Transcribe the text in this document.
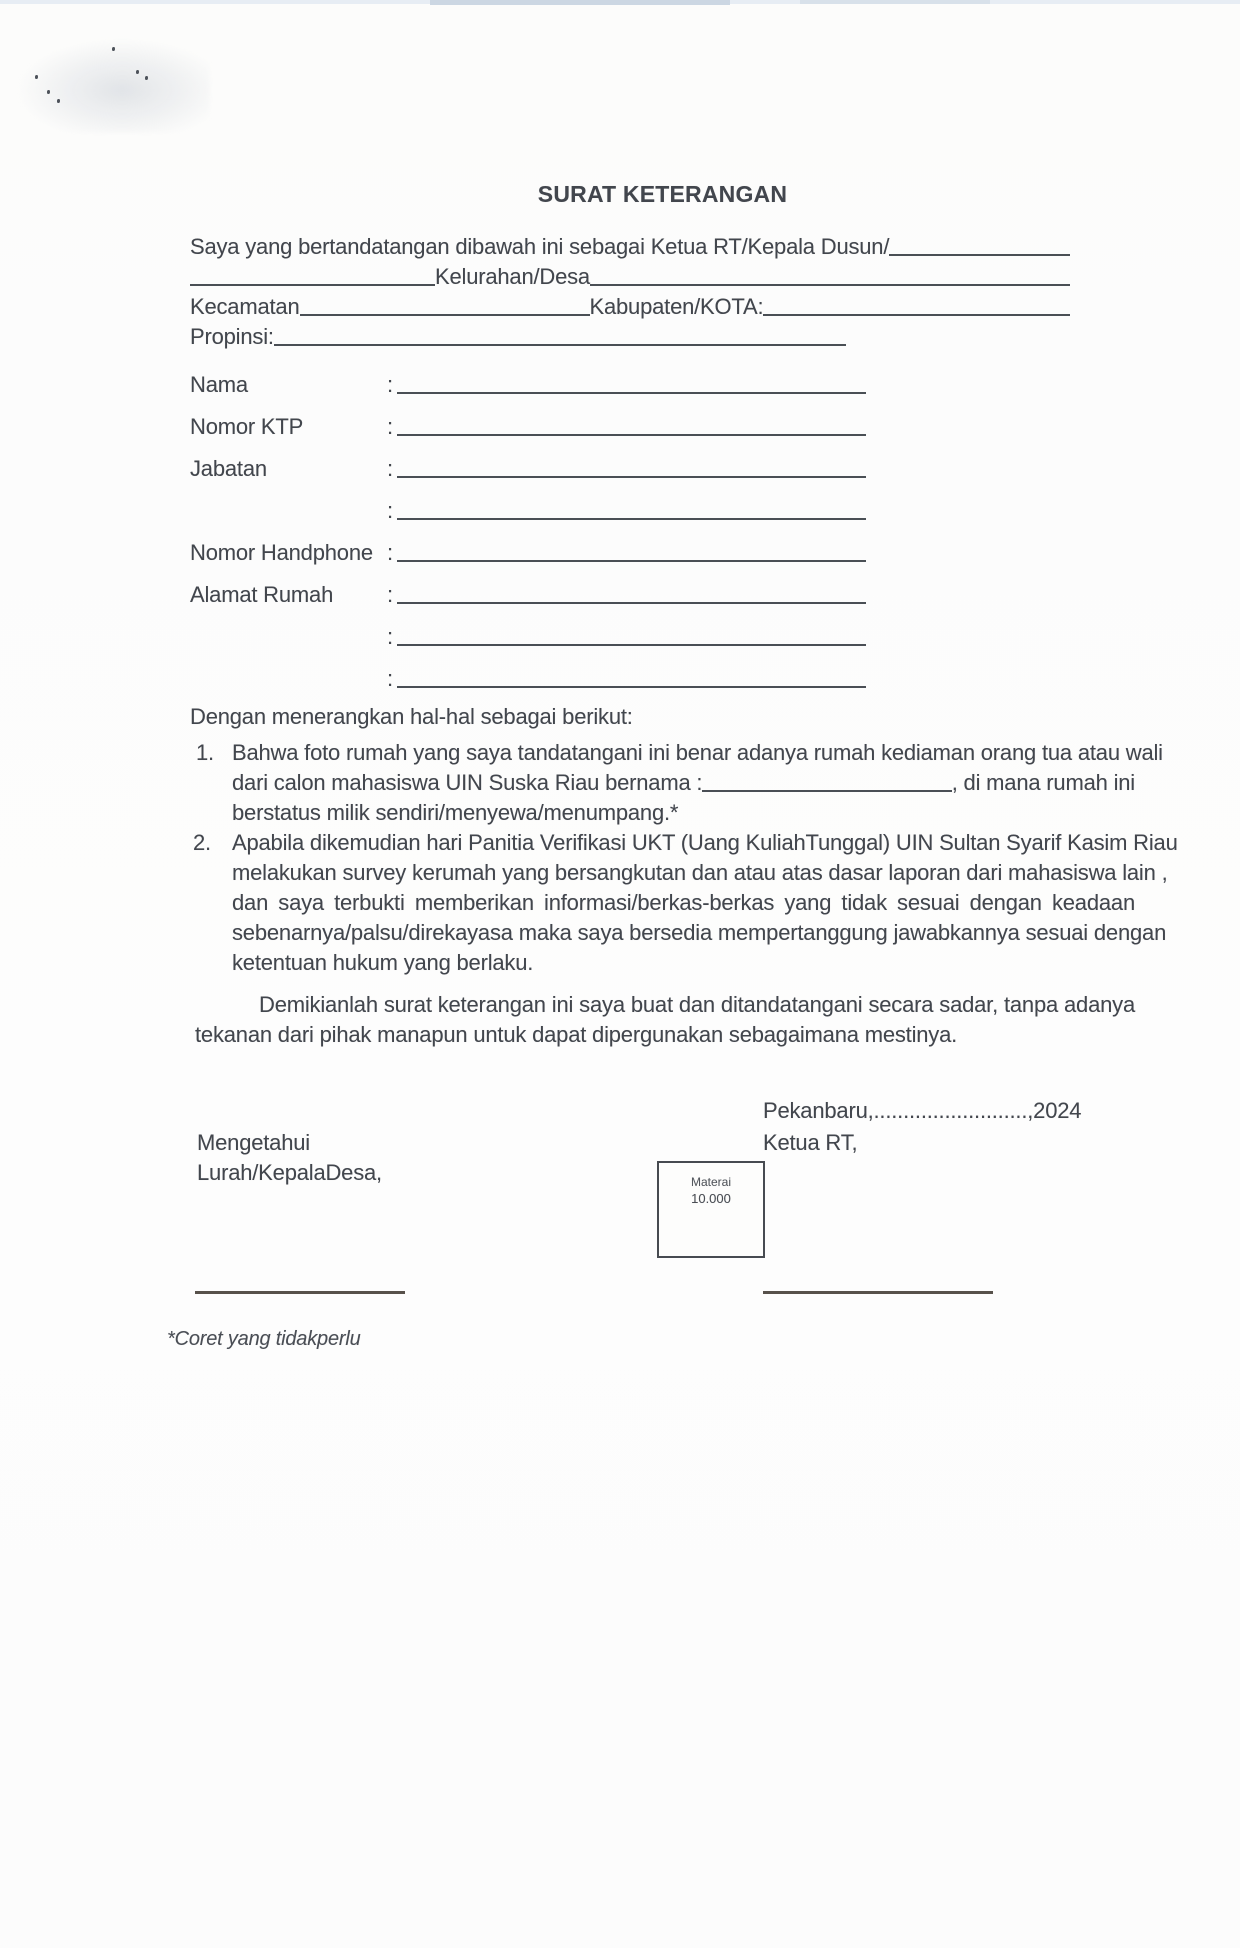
SURAT KETERANGAN
Saya yang bertandatangan dibawah ini sebagai Ketua RT/Kepala Dusun/
​
​
Kelurahan/Desa
​
Kecamatan ​	Kabupaten/KOTA:
​
Propinsi:
​
Nama	:
​
Nomor KTP	:
​
Jabatan	:
​
:
​
Nomor Handphone :
​
Alamat Rumah	:
​
:
​
:
​
Dengan menerangkan hal-hal sebagai berikut:
1. Bahwa foto rumah yang saya tandatangani ini benar adanya rumah kediaman orang tua atau wali
dari calon mahasiswa UIN Suska Riau bernama : ​	, di mana rumah ini
berstatus milik sendiri/menyewa/menumpang.*
2. Apabila dikemudian hari Panitia Verifikasi UKT (Uang KuliahTunggal) UIN Sultan Syarif Kasim Riau
melakukan survey kerumah yang bersangkutan dan atau atas dasar laporan dari mahasiswa lain ,
dan saya terbukti memberikan informasi/berkas-berkas yang tidak sesuai dengan keadaan
sebenarnya/palsu/direkayasa maka saya bersedia mempertanggung jawabkannya sesuai dengan
ketentuan hukum yang berlaku.
Demikianlah surat keterangan ini saya buat dan ditandatangani secara sadar, tanpa adanya
tekanan dari pihak manapun untuk dapat dipergunakan sebagaimana mestinya.
Pekanbaru,..........................,2024
Ketua RT,
Mengetahui
Lurah/KepalaDesa,	Materai
10.000
*Coret yang tidakperlu
